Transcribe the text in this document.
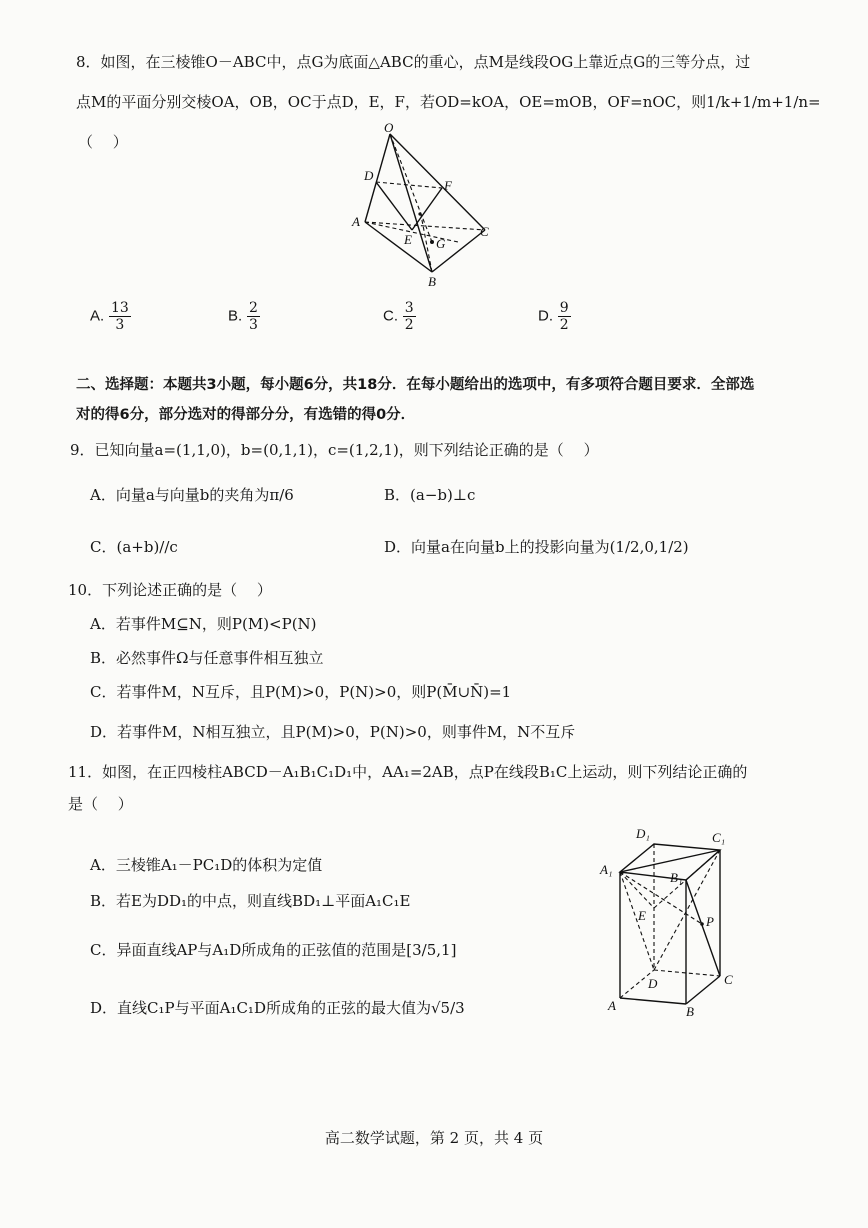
8．如图，在三棱锥O－ABC中，点G为底面△ABC的重心，点M是线段OG上靠近点G的三等分点，过
点M的平面分别交棱OA，OB，OC于点D，E，F，若OD=kOA，OE=mOB，OF=nOC，则1/k+1/m+1/n=
（　 ）
O
D
F
A
E G
C
B
A. $\frac{13}{3}$	B. $\frac{2}{3}$	C. $\frac{3}{2}$	D. $\frac{9}{2}$
二、选择题：本题共3小题，每小题6分，共18分．在每小题给出的选项中，有多项符合题目要求．全部选
对的得6分，部分选对的得部分分，有选错的得0分．
9．已知向量a=(1,1,0)，b=(0,1,1)，c=(1,2,1)，则下列结论正确的是（　 ）
A．向量a与向量b的夹角为π/6	B．(a−b)⊥c
C．(a+b)//c	D．向量a在向量b上的投影向量为(1/2,0,1/2)
10．下列论述正确的是（　 ）
A．若事件M⊆N，则P(M)<P(N)
B．必然事件Ω与任意事件相互独立
C．若事件M，N互斥，且P(M)>0，P(N)>0，则P(M̄∪N̄)=1
D．若事件M，N相互独立，且P(M)>0，P(N)>0，则事件M，N不互斥
11．如图，在正四棱柱ABCD－A₁B₁C₁D₁中，AA₁=2AB，点P在线段B₁C上运动，则下列结论正确的
是（　 ）
A．三棱锥A₁－PC₁D的体积为定值
B．若E为DD₁的中点，则直线BD₁⊥平面A₁C₁E
C．异面直线AP与A₁D所成角的正弦值的范围是[3/5,1]
D．直线C₁P与平面A₁C₁D所成角的正弦的最大值为√5/3
D₁	C₁
A₁
B₁
E	P
D	C
A	B
高二数学试题，第 2 页，共 4 页
